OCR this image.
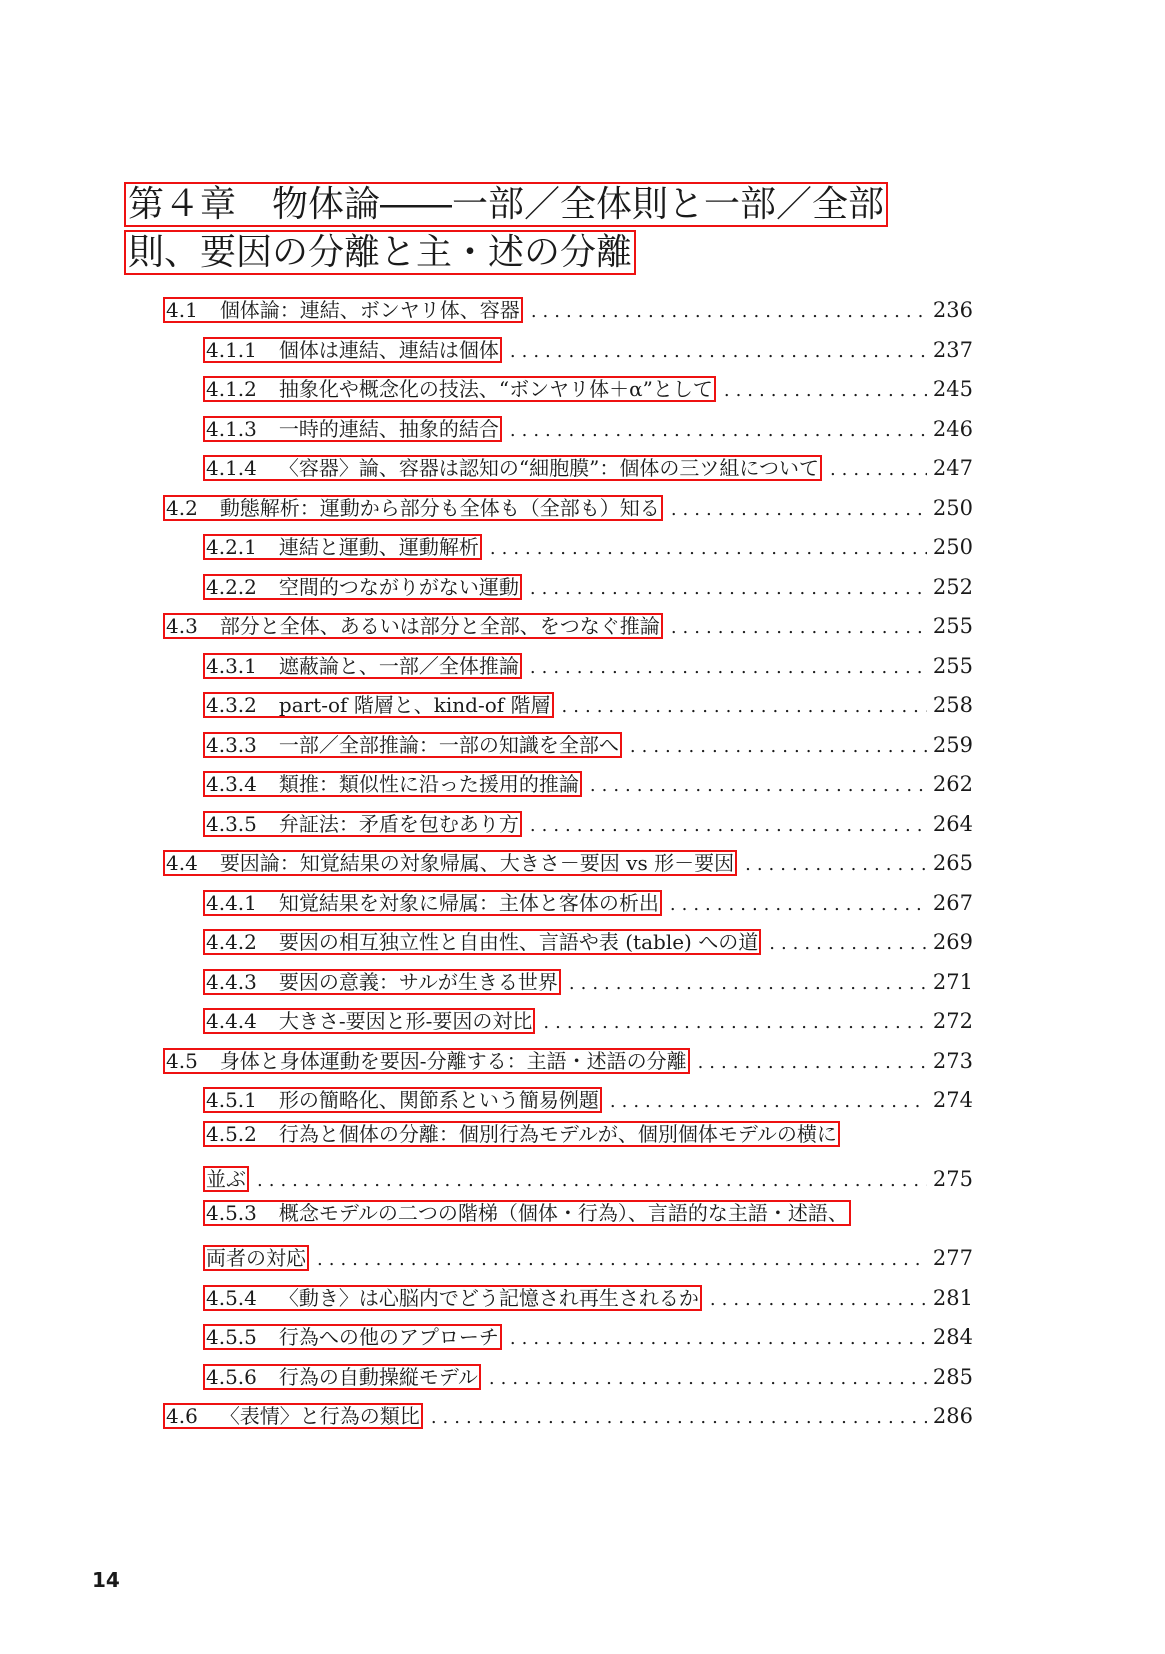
第４章　物体論――一部／全体則と一部／全部
則、要因の分離と主・述の分離
4.1 個体論：連結、ボンヤリ体、容器 .....	236
4.1.1 個体は連結、連結は個体 .....	237
4.1.2 抽象化や概念化の技法、“ボンヤリ体＋α”として .....	245
4.1.3 一時的連結、抽象的結合 .....	246
4.1.4 〈容器〉論、容器は認知の“細胞膜”：個体の三ツ組について .....	247
4.2 動態解析：運動から部分も全体も（全部も）知る .....	250
4.2.1 連結と運動、運動解析 .....	250
4.2.2 空間的つながりがない運動 .....	252
4.3 部分と全体、あるいは部分と全部、をつなぐ推論 .....	255
4.3.1 遮蔽論と、一部／全体推論 .....	255
4.3.2 part-of 階層と、kind-of 階層 .....	258
4.3.3 一部／全部推論：一部の知識を全部へ .....	259
4.3.4 類推：類似性に沿った援用的推論 .....	262
4.3.5 弁証法：矛盾を包むあり方 .....	264
4.4 要因論：知覚結果の対象帰属、大きさ－要因 vs 形－要因 .....	265
4.4.1 知覚結果を対象に帰属：主体と客体の析出 .....	267
4.4.2 要因の相互独立性と自由性、言語や表 (table) への道 .....	269
4.4.3 要因の意義：サルが生きる世界 .....	271
4.4.4 大きさ-要因と形-要因の対比 .....	272
4.5 身体と身体運動を要因-分離する：主語・述語の分離 .....	273
4.5.1 形の簡略化、関節系という簡易例題 .....	274
4.5.2 行為と個体の分離：個別行為モデルが、個別個体モデルの横に
並ぶ .....	275
4.5.3 概念モデルの二つの階梯（個体・行為）、言語的な主語・述語、
両者の対応 .....	277
4.5.4 〈動き〉は心脳内でどう記憶され再生されるか .....	281
4.5.5 行為への他のアプローチ .....	284
4.5.6 行為の自動操縦モデル .....	285
4.6 〈表情〉と行為の類比 .....	286
14
